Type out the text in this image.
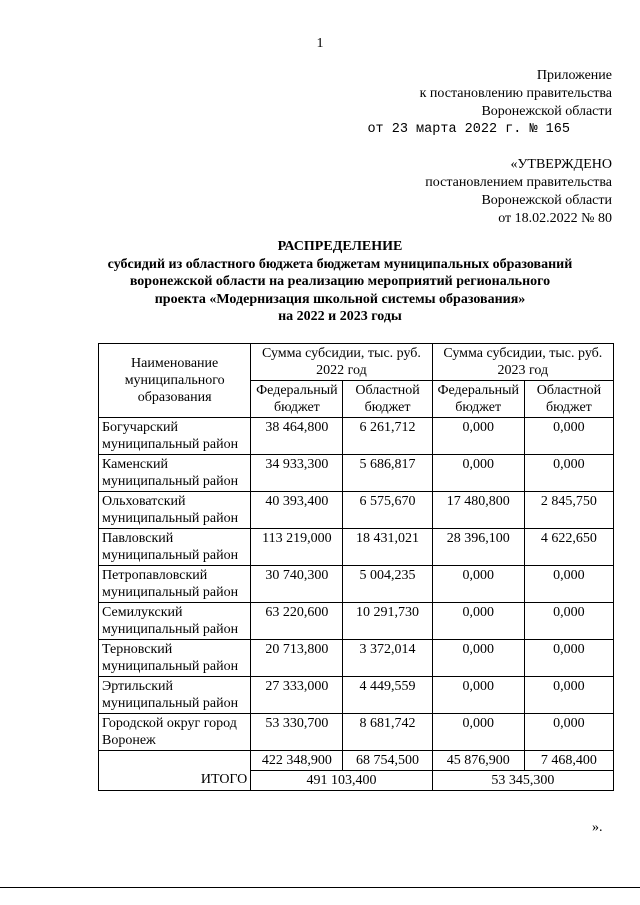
1
Приложение
к постановлению правительства
Воронежской области

от 23 марта 2022 г. № 165
«УТВЕРЖДЕНО
постановлением правительства
Воронежской области
от 18.02.2022 № 80
РАСПРЕДЕЛЕНИЕ
субсидий из областного бюджета бюджетам муниципальных образований
воронежской области на реализацию мероприятий регионального
проекта «Модернизация школьной системы образования»
на 2022 и 2023 годы
Наименование муниципального образования	Сумма субсидии, тыс. руб. 2022 год		Сумма субсидии, тыс. руб. 2023 год	
	Федеральный бюджет	Областной бюджет	Федеральный бюджет	Областной бюджет
Богучарский муниципальный район	38 464,800	6 261,712	0,000	0,000
Каменский муниципальный район	34 933,300	5 686,817	0,000	0,000
Ольховатский муниципальный район	40 393,400	6 575,670	17 480,800	2 845,750
Павловский муниципальный район	113 219,000	18 431,021	28 396,100	4 622,650
Петропавловский муниципальный район	30 740,300	5 004,235	0,000	0,000
Семилукский муниципальный район	63 220,600	10 291,730	0,000	0,000
Терновский муниципальный район	20 713,800	3 372,014	0,000	0,000
Эртильский муниципальный район	27 333,000	4 449,559	0,000	0,000
Городской округ город Воронеж	53 330,700	8 681,742	0,000	0,000

ИТОГО	422 348,900	68 754,500	45 876,900	7 468,400
	491 103,400		53 345,300	
».
